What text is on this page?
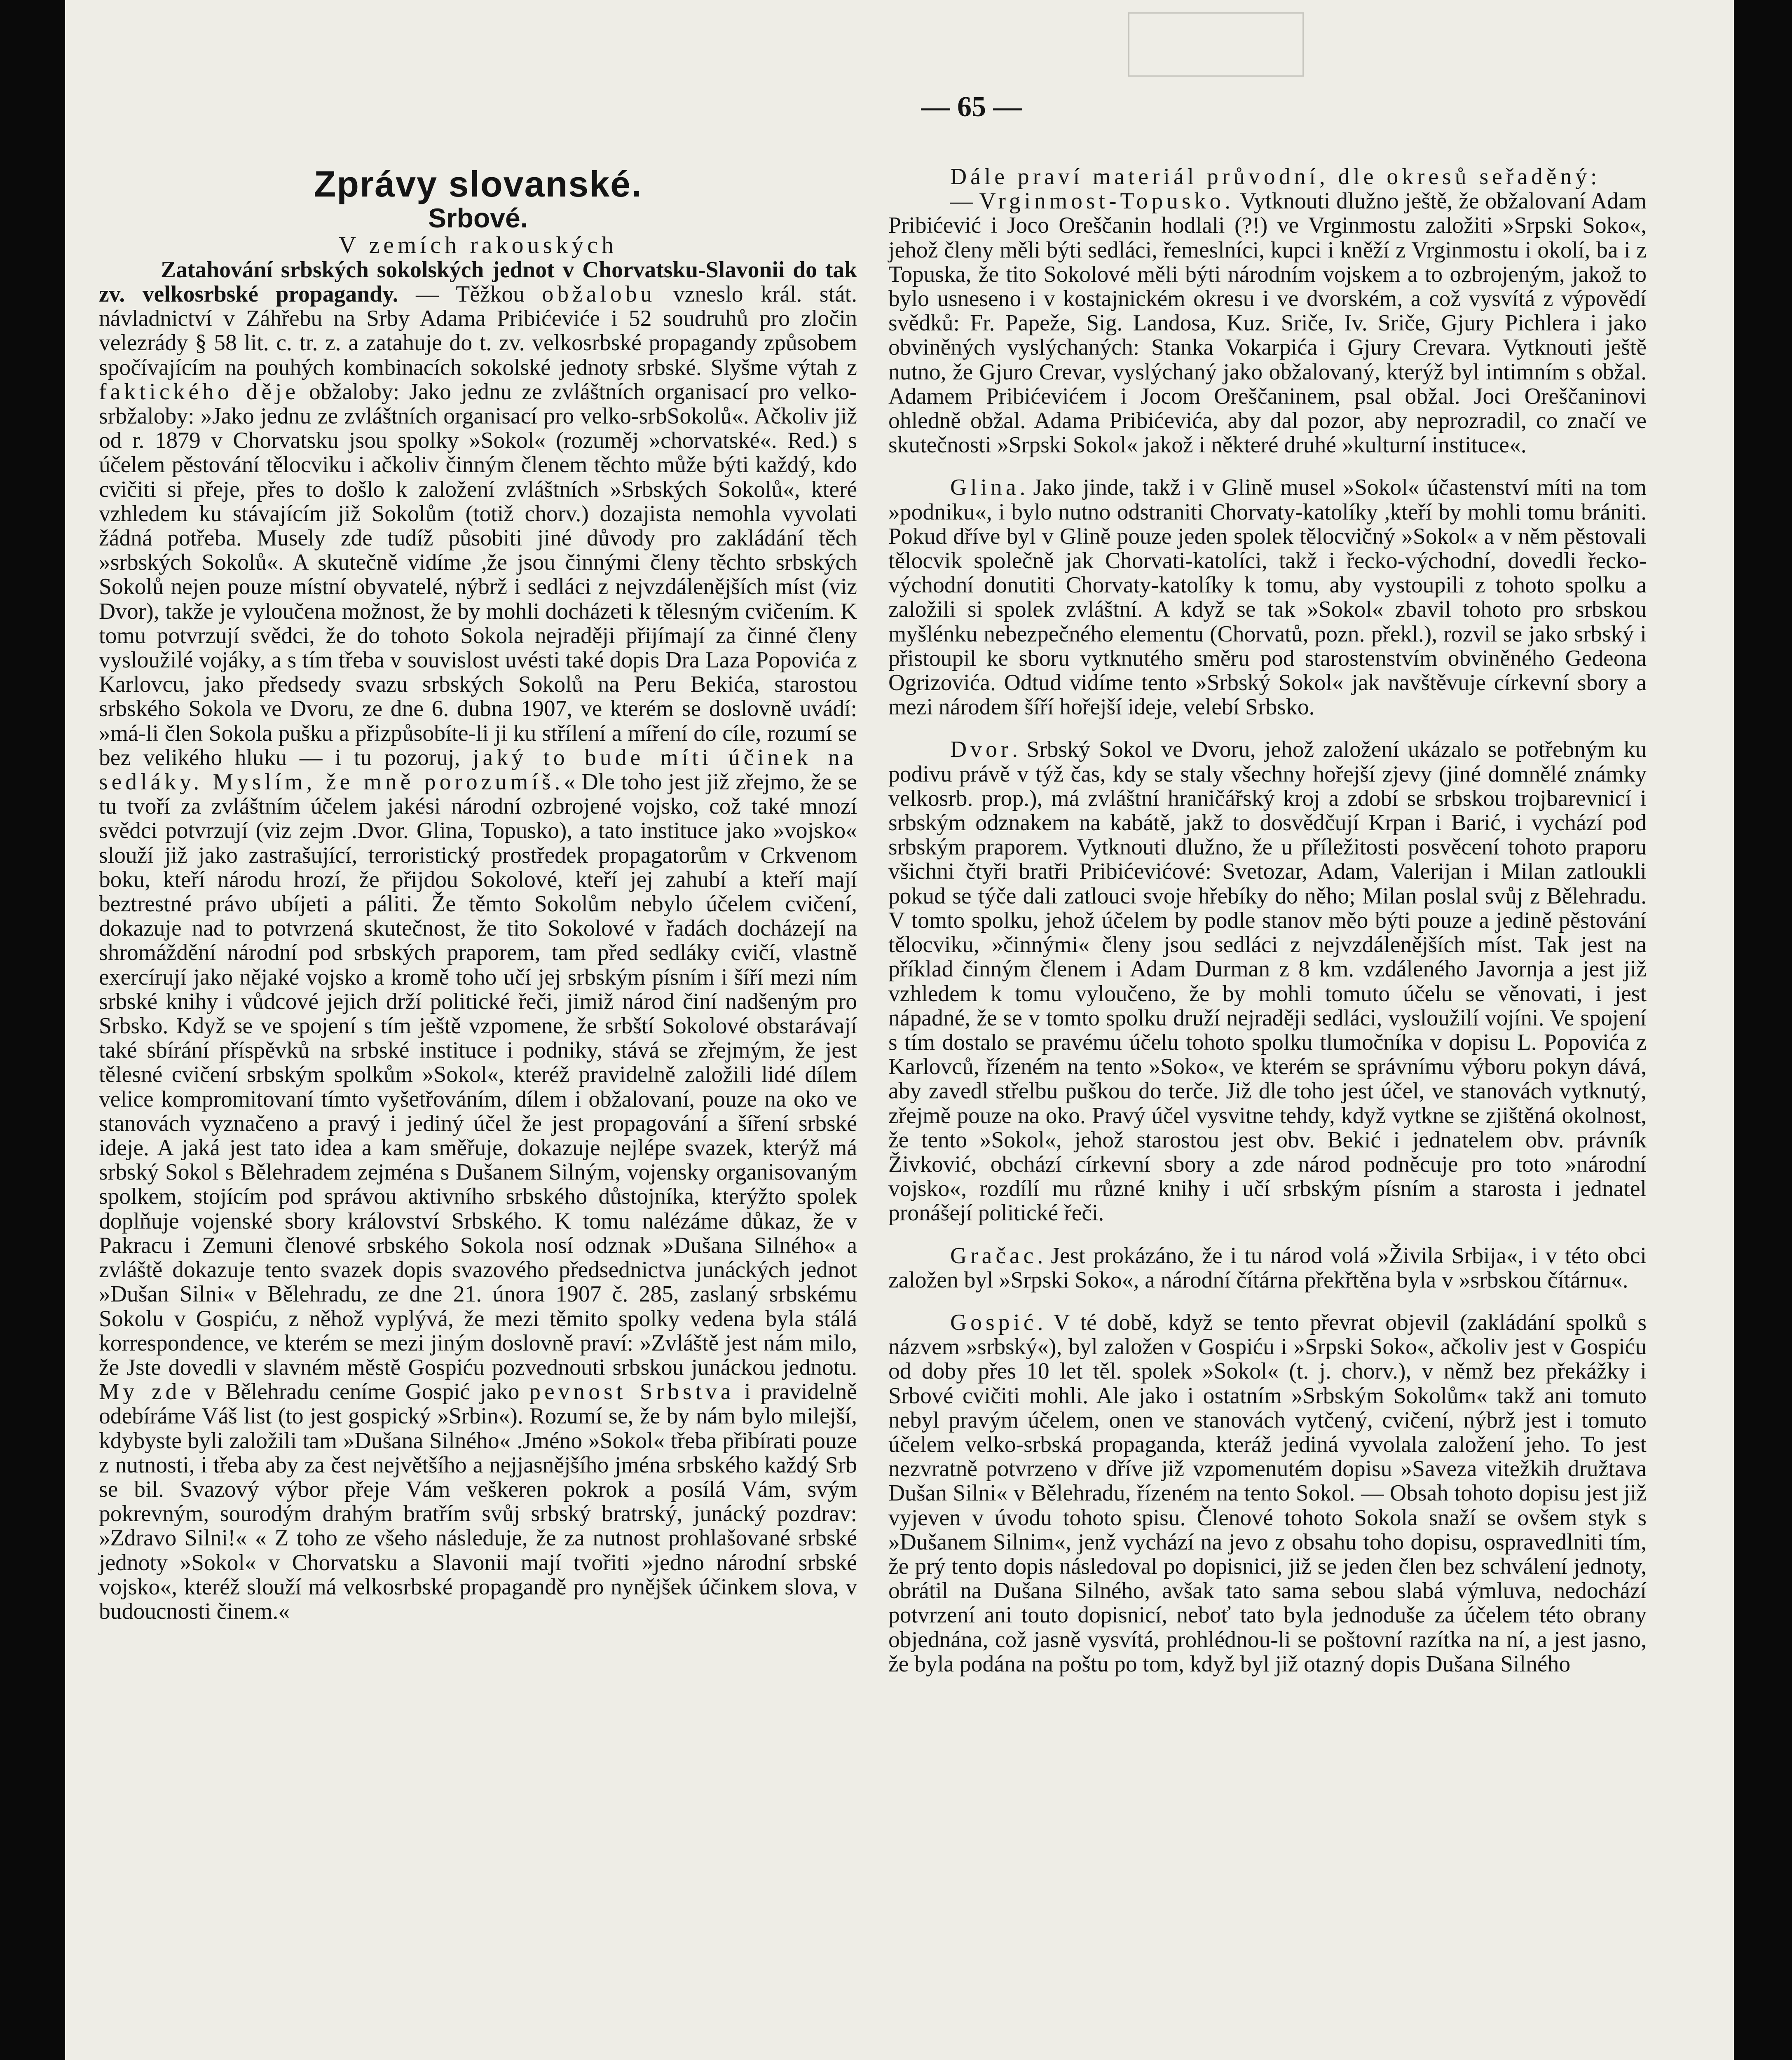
— 65 —

Zprávy slovanské.

Srbové.

V zemích rakouských

Zatahování srbských sokolských jednot v Chorvatsku-Slavonii do tak zv. velkosrbské propagandy. — Těžkou obžalobu vzneslo král. stát. návladnictví v Záhřebu na Srby Adama Pribićeviće i 52 soudruhů pro zločin velezrády § 58 lit. c. tr. z. a zatahuje do t. zv. velkosrbské propagandy způsobem spočívajícím na pouhých kombinacích sokolské jednoty srbské. Slyšme výtah z faktického děje obžaloby: Jako jednu ze zvláštních organisací pro velko-srbžaloby: »Jako jednu ze zvláštních organisací pro velko-srbSokolů«. Ačkoliv již od r. 1879 v Chorvatsku jsou spolky »Sokol« (rozuměj »chorvatské«. Red.) s účelem pěstování tělocviku i ačkoliv činným členem těchto může býti každý, kdo cvičiti si přeje, přes to došlo k založení zvláštních »Srbských Sokolů«, které vzhledem ku stávajícím již Sokolům (totiž chorv.) dozajista nemohla vyvolati žádná potřeba. Musely zde tudíž působiti jiné důvody pro zakládání těch »srbských Sokolů«. A skutečně vidíme ,že jsou činnými členy těchto srbských Sokolů nejen pouze místní obyvatelé, nýbrž i sedláci z nejvzdálenějších míst (viz Dvor), takže je vyloučena možnost, že by mohli docházeti k tělesným cvičením. K tomu potvrzují svědci, že do tohoto Sokola nejraději přijímají za činné členy vysloužilé vojáky, a s tím třeba v souvislost uvésti také dopis Dra Laza Popovića z Karlovcu, jako předsedy svazu srbských Sokolů na Peru Bekića, starostou srbského Sokola ve Dvoru, ze dne 6. dubna 1907, ve kterém se doslovně uvádí: »má-li člen Sokola pušku a přizpůsobíte-li ji ku střílení a míření do cíle, rozumí se bez velikého hluku — i tu pozoruj, jaký to bude míti účinek na sedláky. Myslím, že mně porozumíš.« Dle toho jest již zřejmo, že se tu tvoří za zvláštním účelem jakési národní ozbrojené vojsko, což také mnozí svědci potvrzují (viz zejm .Dvor. Glina, Topusko), a tato instituce jako »vojsko« slouží již jako zastrašující, terroristický prostředek propagatorům v Crkvenom boku, kteří národu hrozí, že přijdou Sokolové, kteří jej zahubí a kteří mají beztrestné právo ubíjeti a páliti. Že těmto Sokolům nebylo účelem cvičení, dokazuje nad to potvrzená skutečnost, že tito Sokolové v řadách docházejí na shromáždění národní pod srbských praporem, tam před sedláky cvičí, vlastně exercírují jako nějaké vojsko a kromě toho učí jej srbským písním i šíří mezi ním srbské knihy i vůdcové jejich drží politické řeči, jimiž národ činí nadšeným pro Srbsko. Když se ve spojení s tím ještě vzpomene, že srbští Sokolové obstarávají také sbírání příspěvků na srbské instituce i podniky, stává se zřejmým, že jest tělesné cvičení srbským spolkům »Sokol«, kteréž pravidelně založili lidé dílem velice kompromitovaní tímto vyšetřováním, dílem i obžalovaní, pouze na oko ve stanovách vyznačeno a pravý i jediný účel že jest propagování a šíření srbské ideje. A jaká jest tato idea a kam směřuje, dokazuje nejlépe svazek, kterýž má srbský Sokol s Bělehradem zejména s Dušanem Silným, vojensky organisovaným spolkem, stojícím pod správou aktivního srbského důstojníka, kterýžto spolek doplňuje vojenské sbory království Srbského. K tomu nalézáme důkaz, že v Pakracu i Zemuni členové srbského Sokola nosí odznak »Dušana Silného« a zvláště dokazuje tento svazek dopis svazového předsednictva junáckých jednot »Dušan Silni« v Bělehradu, ze dne 21. února 1907 č. 285, zaslaný srbskému Sokolu v Gospiću, z něhož vyplývá, že mezi těmito spolky vedena byla stálá korrespondence, ve kterém se mezi jiným doslovně praví: »Zvláště jest nám milo, že Jste dovedli v slavném městě Gospiću pozvednouti srbskou junáckou jednotu. My zde v Bělehradu ceníme Gospić jako pevnost Srbstva i pravidelně odebíráme Váš list (to jest gospický »Srbin«). Rozumí se, že by nám bylo milejší, kdybyste byli založili tam »Dušana Silného« .Jméno »Sokol« třeba přibírati pouze z nutnosti, i třeba aby za čest největšího a nejjasnějšího jména srbského každý Srb se bil. Svazový výbor přeje Vám veškeren pokrok a posílá Vám, svým pokrevným, sourodým drahým bratřím svůj srbský bratrský, junácký pozdrav: »Zdravo Silni!« « Z toho ze všeho následuje, že za nutnost prohlašované srbské jednoty »Sokol« v Chorvatsku a Slavonii mají tvořiti »jedno národní srbské vojsko«, kteréž slouží má velkosrbské propagandě pro nynějšek účinkem slova, v budoucnosti činem.«

Dále praví materiál průvodní, dle okresů seřaděný:

— Vrginmost-Topusko. Vytknouti dlužno ještě, že obžalovaní Adam Pribićević i Joco Oreščanin hodlali (?!) ve Vrginmostu založiti »Srpski Soko«, jehož členy měli býti sedláci, řemeslníci, kupci i kněží z Vrginmostu i okolí, ba i z Topuska, že tito Sokolové měli býti národním vojskem a to ozbrojeným, jakož to bylo usneseno i v kostajnickém okresu i ve dvorském, a což vysvítá z výpovědí svědků: Fr. Papeže, Sig. Landosa, Kuz. Sriče, Iv. Sriče, Gjury Pichlera i jako obviněných vyslýchaných: Stanka Vokarpića i Gjury Crevara. Vytknouti ještě nutno, že Gjuro Crevar, vyslýchaný jako obžalovaný, kterýž byl intimním s obžal. Adamem Pribićevićem i Jocom Oreščaninem, psal obžal. Joci Oreščaninovi ohledně obžal. Adama Pribićevića, aby dal pozor, aby neprozradil, co značí ve skutečnosti »Srpski Sokol« jakož i některé druhé »kulturní instituce«.

Glina. Jako jinde, takž i v Glině musel »Sokol« účastenství míti na tom »podniku«, i bylo nutno odstraniti Chorvaty-katolíky ,kteří by mohli tomu brániti. Pokud dříve byl v Glině pouze jeden spolek tělocvičný »Sokol« a v něm pěstovali tělocvik společně jak Chorvati-katolíci, takž i řecko-východní, dovedli řecko-východní donutiti Chorvaty-katolíky k tomu, aby vystoupili z tohoto spolku a založili si spolek zvláštní. A když se tak »Sokol« zbavil tohoto pro srbskou myšlénku nebezpečného elementu (Chorvatů, pozn. překl.), rozvil se jako srbský i přistoupil ke sboru vytknutého směru pod starostenstvím obviněného Gedeona Ogrizovića. Odtud vidíme tento »Srbský Sokol« jak navštěvuje církevní sbory a mezi národem šíří hořejší ideje, velebí Srbsko.

Dvor. Srbský Sokol ve Dvoru, jehož založení ukázalo se potřebným ku podivu právě v týž čas, kdy se staly všechny hořejší zjevy (jiné domnělé známky velkosrb. prop.), má zvláštní hraničářský kroj a zdobí se srbskou trojbarevnicí i srbským odznakem na kabátě, jakž to dosvědčují Krpan i Barić, i vychází pod srbským praporem. Vytknouti dlužno, že u příležitosti posvěcení tohoto praporu všichni čtyři bratři Pribićevićové: Svetozar, Adam, Valerijan i Milan zatloukli pokud se týče dali zatlouci svoje hřebíky do něho; Milan poslal svůj z Bělehradu. V tomto spolku, jehož účelem by podle stanov měo býti pouze a jedině pěstování tělocviku, »činnými« členy jsou sedláci z nejvzdálenějších míst. Tak jest na příklad činným členem i Adam Durman z 8 km. vzdáleného Javornja a jest již vzhledem k tomu vyloučeno, že by mohli tomuto účelu se věnovati, i jest nápadné, že se v tomto spolku druží nejraději sedláci, vysloužilí vojíni. Ve spojení s tím dostalo se pravému účelu tohoto spolku tlumočníka v dopisu L. Popovića z Karlovců, řízeném na tento »Soko«, ve kterém se správnímu výboru pokyn dává, aby zavedl střelbu puškou do terče. Již dle toho jest účel, ve stanovách vytknutý, zřejmě pouze na oko. Pravý účel vysvitne tehdy, když vytkne se zjištěná okolnost, že tento »Sokol«, jehož starostou jest obv. Bekić i jednatelem obv. právník Živković, obchází církevní sbory a zde národ podněcuje pro toto »národní vojsko«, rozdílí mu různé knihy i učí srbským písním a starosta i jednatel pronášejí politické řeči.

Gračac. Jest prokázáno, že i tu národ volá »Živila Srbija«, i v této obci založen byl »Srpski Soko«, a národní čítárna překřtěna byla v »srbskou čítárnu«.

Gospić. V té době, když se tento převrat objevil (zakládání spolků s názvem »srbský«), byl založen v Gospiću i »Srpski Soko«, ačkoliv jest v Gospiću od doby přes 10 let těl. spolek »Sokol« (t. j. chorv.), v němž bez překážky i Srbové cvičiti mohli. Ale jako i ostatním »Srbským Sokolům« takž ani tomuto nebyl pravým účelem, onen ve stanovách vytčený, cvičení, nýbrž jest i tomuto účelem velko-srbská propaganda, kteráž jediná vyvolala založení jeho. To jest nezvratně potvrzeno v dříve již vzpomenutém dopisu »Saveza vitežkih družtava Dušan Silni« v Bělehradu, řízeném na tento Sokol. — Obsah tohoto dopisu jest již vyjeven v úvodu tohoto spisu. Členové tohoto Sokola snaží se ovšem styk s »Dušanem Silnim«, jenž vychází na jevo z obsahu toho dopisu, ospravedlniti tím, že prý tento dopis následoval po dopisnici, již se jeden člen bez schválení jednoty, obrátil na Dušana Silného, avšak tato sama sebou slabá výmluva, nedochází potvrzení ani touto dopisnicí, neboť tato byla jednoduše za účelem této obrany objednána, což jasně vysvítá, prohlédnou-li se poštovní razítka na ní, a jest jasno, že byla podána na poštu po tom, když byl již otazný dopis Dušana Silného
